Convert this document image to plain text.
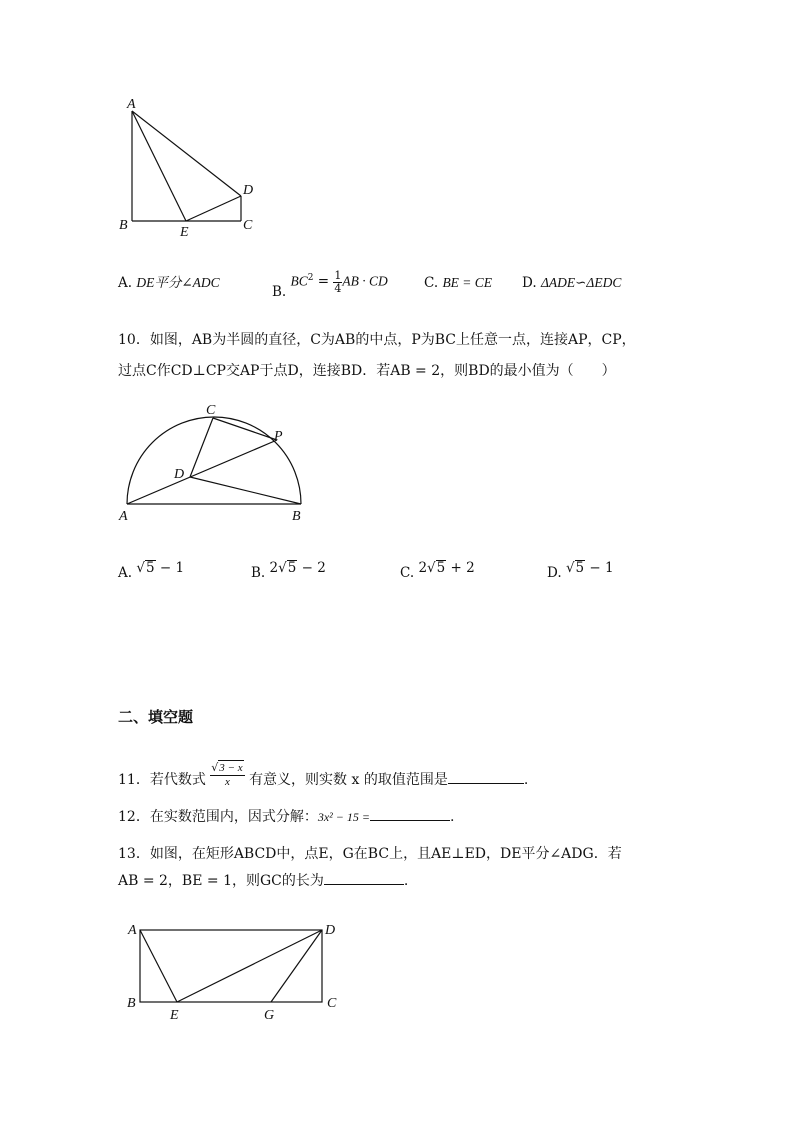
A
B	E
D
C
A. DE平分∠ADC
B. $BC^2 = \frac{1}{4}$ AB · CD	C. BE = CE D. ΔADE∽ΔEDC
10．如图，AB为半圆的直径，C为AB的中点，P为BC上任意一点，连接AP，CP，
过点C作CD⊥CP交AP于点D，连接BD．若AB = 2，则BD的最小值为（　　）
C
P
D
A	B
A. √5 − 1	B. 2√5 − 2	C. 2√5 + 2	D. √5 − 1
二、填空题
11．若代数式 $\frac{√3 - x}{x}$ 有意义，则实数 x 的取值范围是	.
12．在实数范围内，因式分解：3x² − 15 =	.
13．如图，在矩形ABCD中，点E，G在BC上，且AE⊥ED，DE平分∠ADG．若
AB = 2，BE = 1，则GC的长为	.
A	D
B	C
E	G
